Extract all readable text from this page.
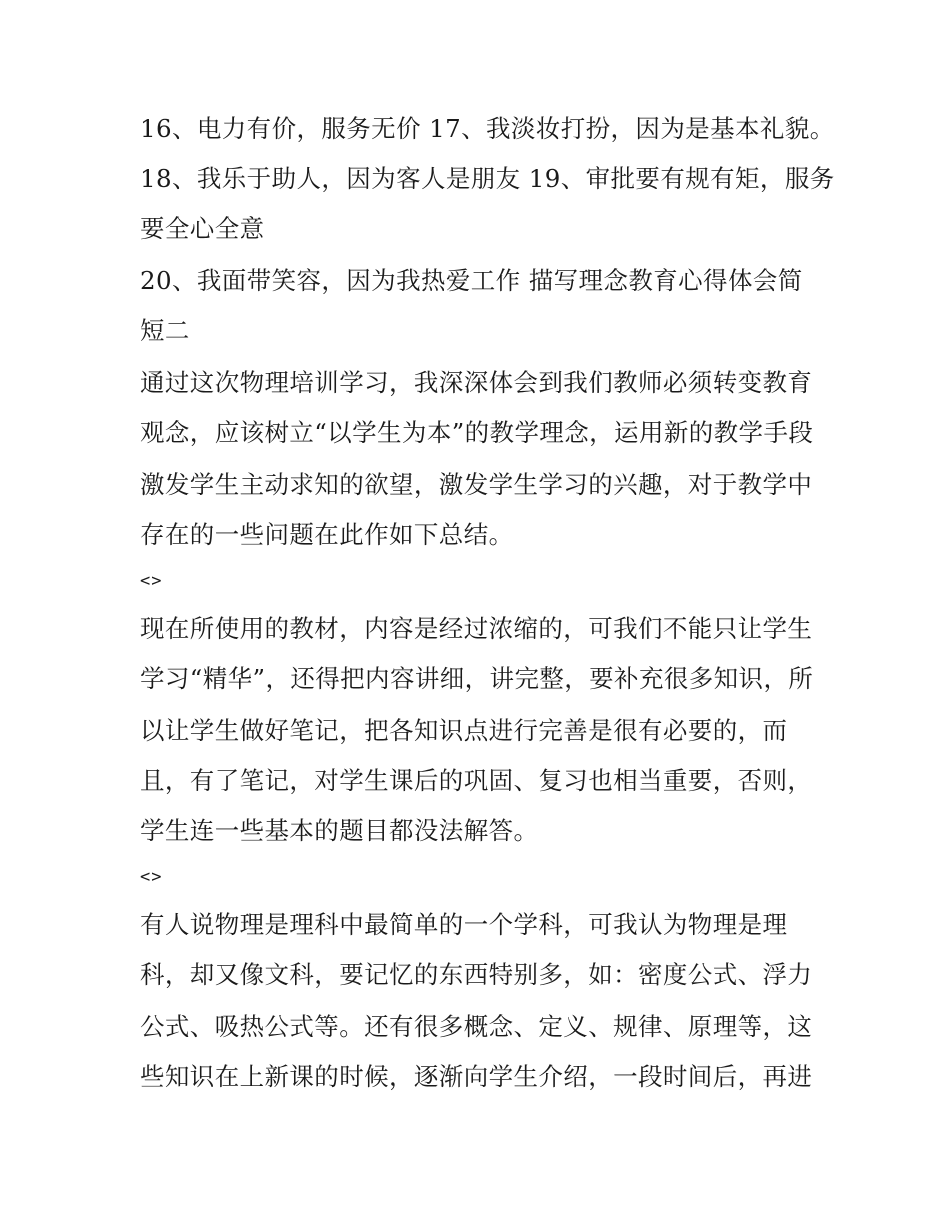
16、电力有价，服务无价 17、我淡妆打扮，因为是基本礼貌。
18、我乐于助人，因为客人是朋友 19、审批要有规有矩，服务
要全心全意
20、我面带笑容，因为我热爱工作 描写理念教育心得体会简
短二
通过这次物理培训学习，我深深体会到我们教师必须转变教育
观念，应该树立“以学生为本”的教学理念，运用新的教学手段
激发学生主动求知的欲望，激发学生学习的兴趣，对于教学中
存在的一些问题在此作如下总结。
<>
现在所使用的教材，内容是经过浓缩的，可我们不能只让学生
学习“精华”，还得把内容讲细，讲完整，要补充很多知识，所
以让学生做好笔记，把各知识点进行完善是很有必要的，而
且，有了笔记，对学生课后的巩固、复习也相当重要，否则，
学生连一些基本的题目都没法解答。
<>
有人说物理是理科中最简单的一个学科，可我认为物理是理
科，却又像文科，要记忆的东西特别多，如：密度公式、浮力
公式、吸热公式等。还有很多概念、定义、规律、原理等，这
些知识在上新课的时候，逐渐向学生介绍，一段时间后，再进
